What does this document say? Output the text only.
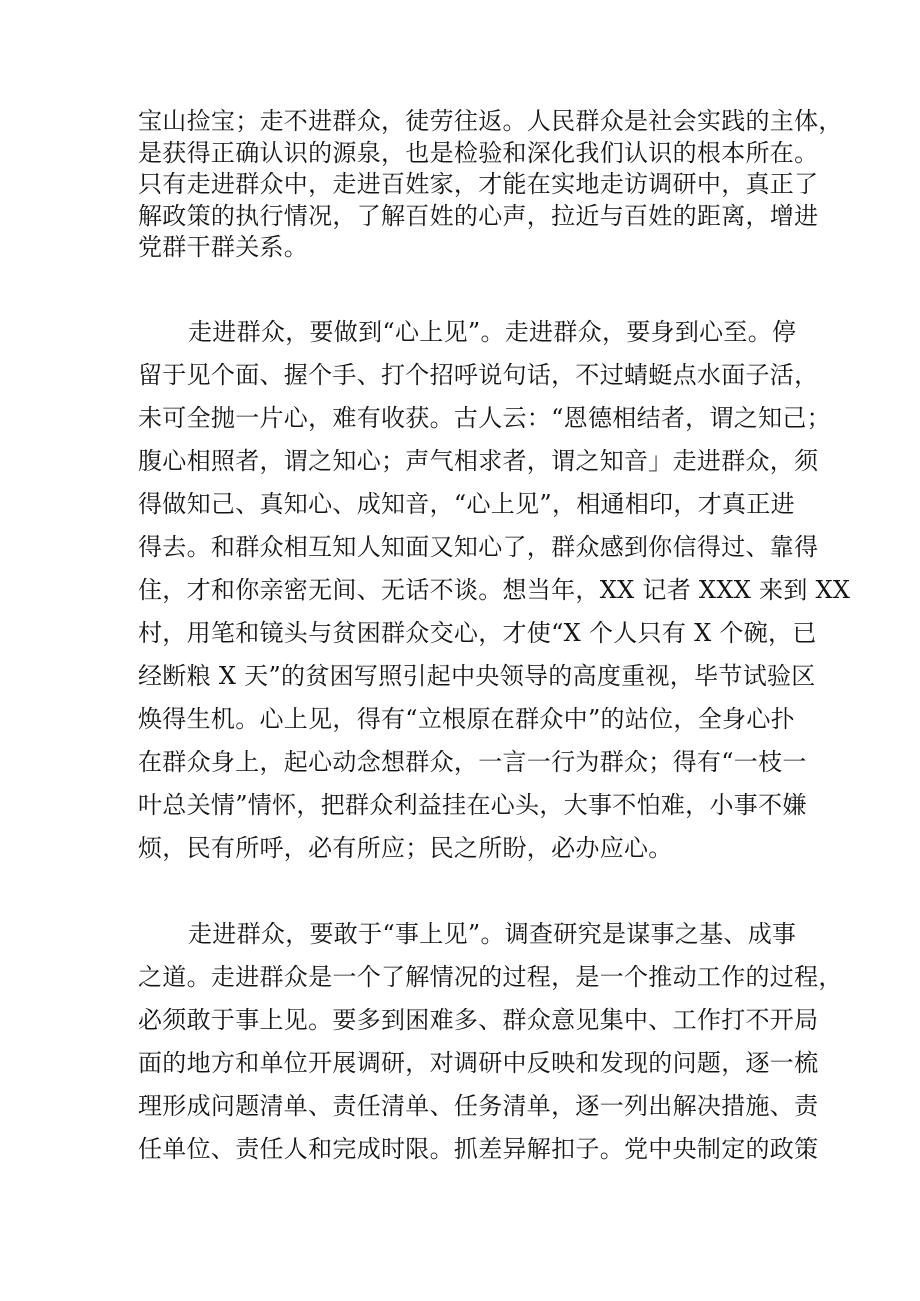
宝山捡宝；走不进群众，徒劳往返。人民群众是社会实践的主体，
是获得正确认识的源泉，也是检验和深化我们认识的根本所在。
只有走进群众中，走进百姓家，才能在实地走访调研中，真正了
解政策的执行情况，了解百姓的心声，拉近与百姓的距离，增进
党群干群关系。
走进群众，要做到“心上见”。走进群众，要身到心至。停
留于见个面、握个手、打个招呼说句话，不过蜻蜓点水面子活，
未可全抛一片心，难有收获。古人云：“恩德相结者，谓之知己；
腹心相照者，谓之知心；声气相求者，谓之知音」走进群众，须
得做知己、真知心、成知音，“心上见”，相通相印，才真正进
得去。和群众相互知人知面又知心了，群众感到你信得过、靠得
住，才和你亲密无间、无话不谈。想当年，XX 记者 XXX 来到 XX
村，用笔和镜头与贫困群众交心，才使“X 个人只有 X 个碗，已
经断粮 X 天”的贫困写照引起中央领导的高度重视，毕节试验区
焕得生机。心上见，得有“立根原在群众中”的站位，全身心扑
在群众身上，起心动念想群众，一言一行为群众；得有“一枝一
叶总关情”情怀，把群众利益挂在心头，大事不怕难，小事不嫌
烦，民有所呼，必有所应；民之所盼，必办应心。
走进群众，要敢于“事上见”。调查研究是谋事之基、成事
之道。走进群众是一个了解情况的过程，是一个推动工作的过程，
必须敢于事上见。要多到困难多、群众意见集中、工作打不开局
面的地方和单位开展调研，对调研中反映和发现的问题，逐一梳
理形成问题清单、责任清单、任务清单，逐一列出解决措施、责
任单位、责任人和完成时限。抓差异解扣子。党中央制定的政策
